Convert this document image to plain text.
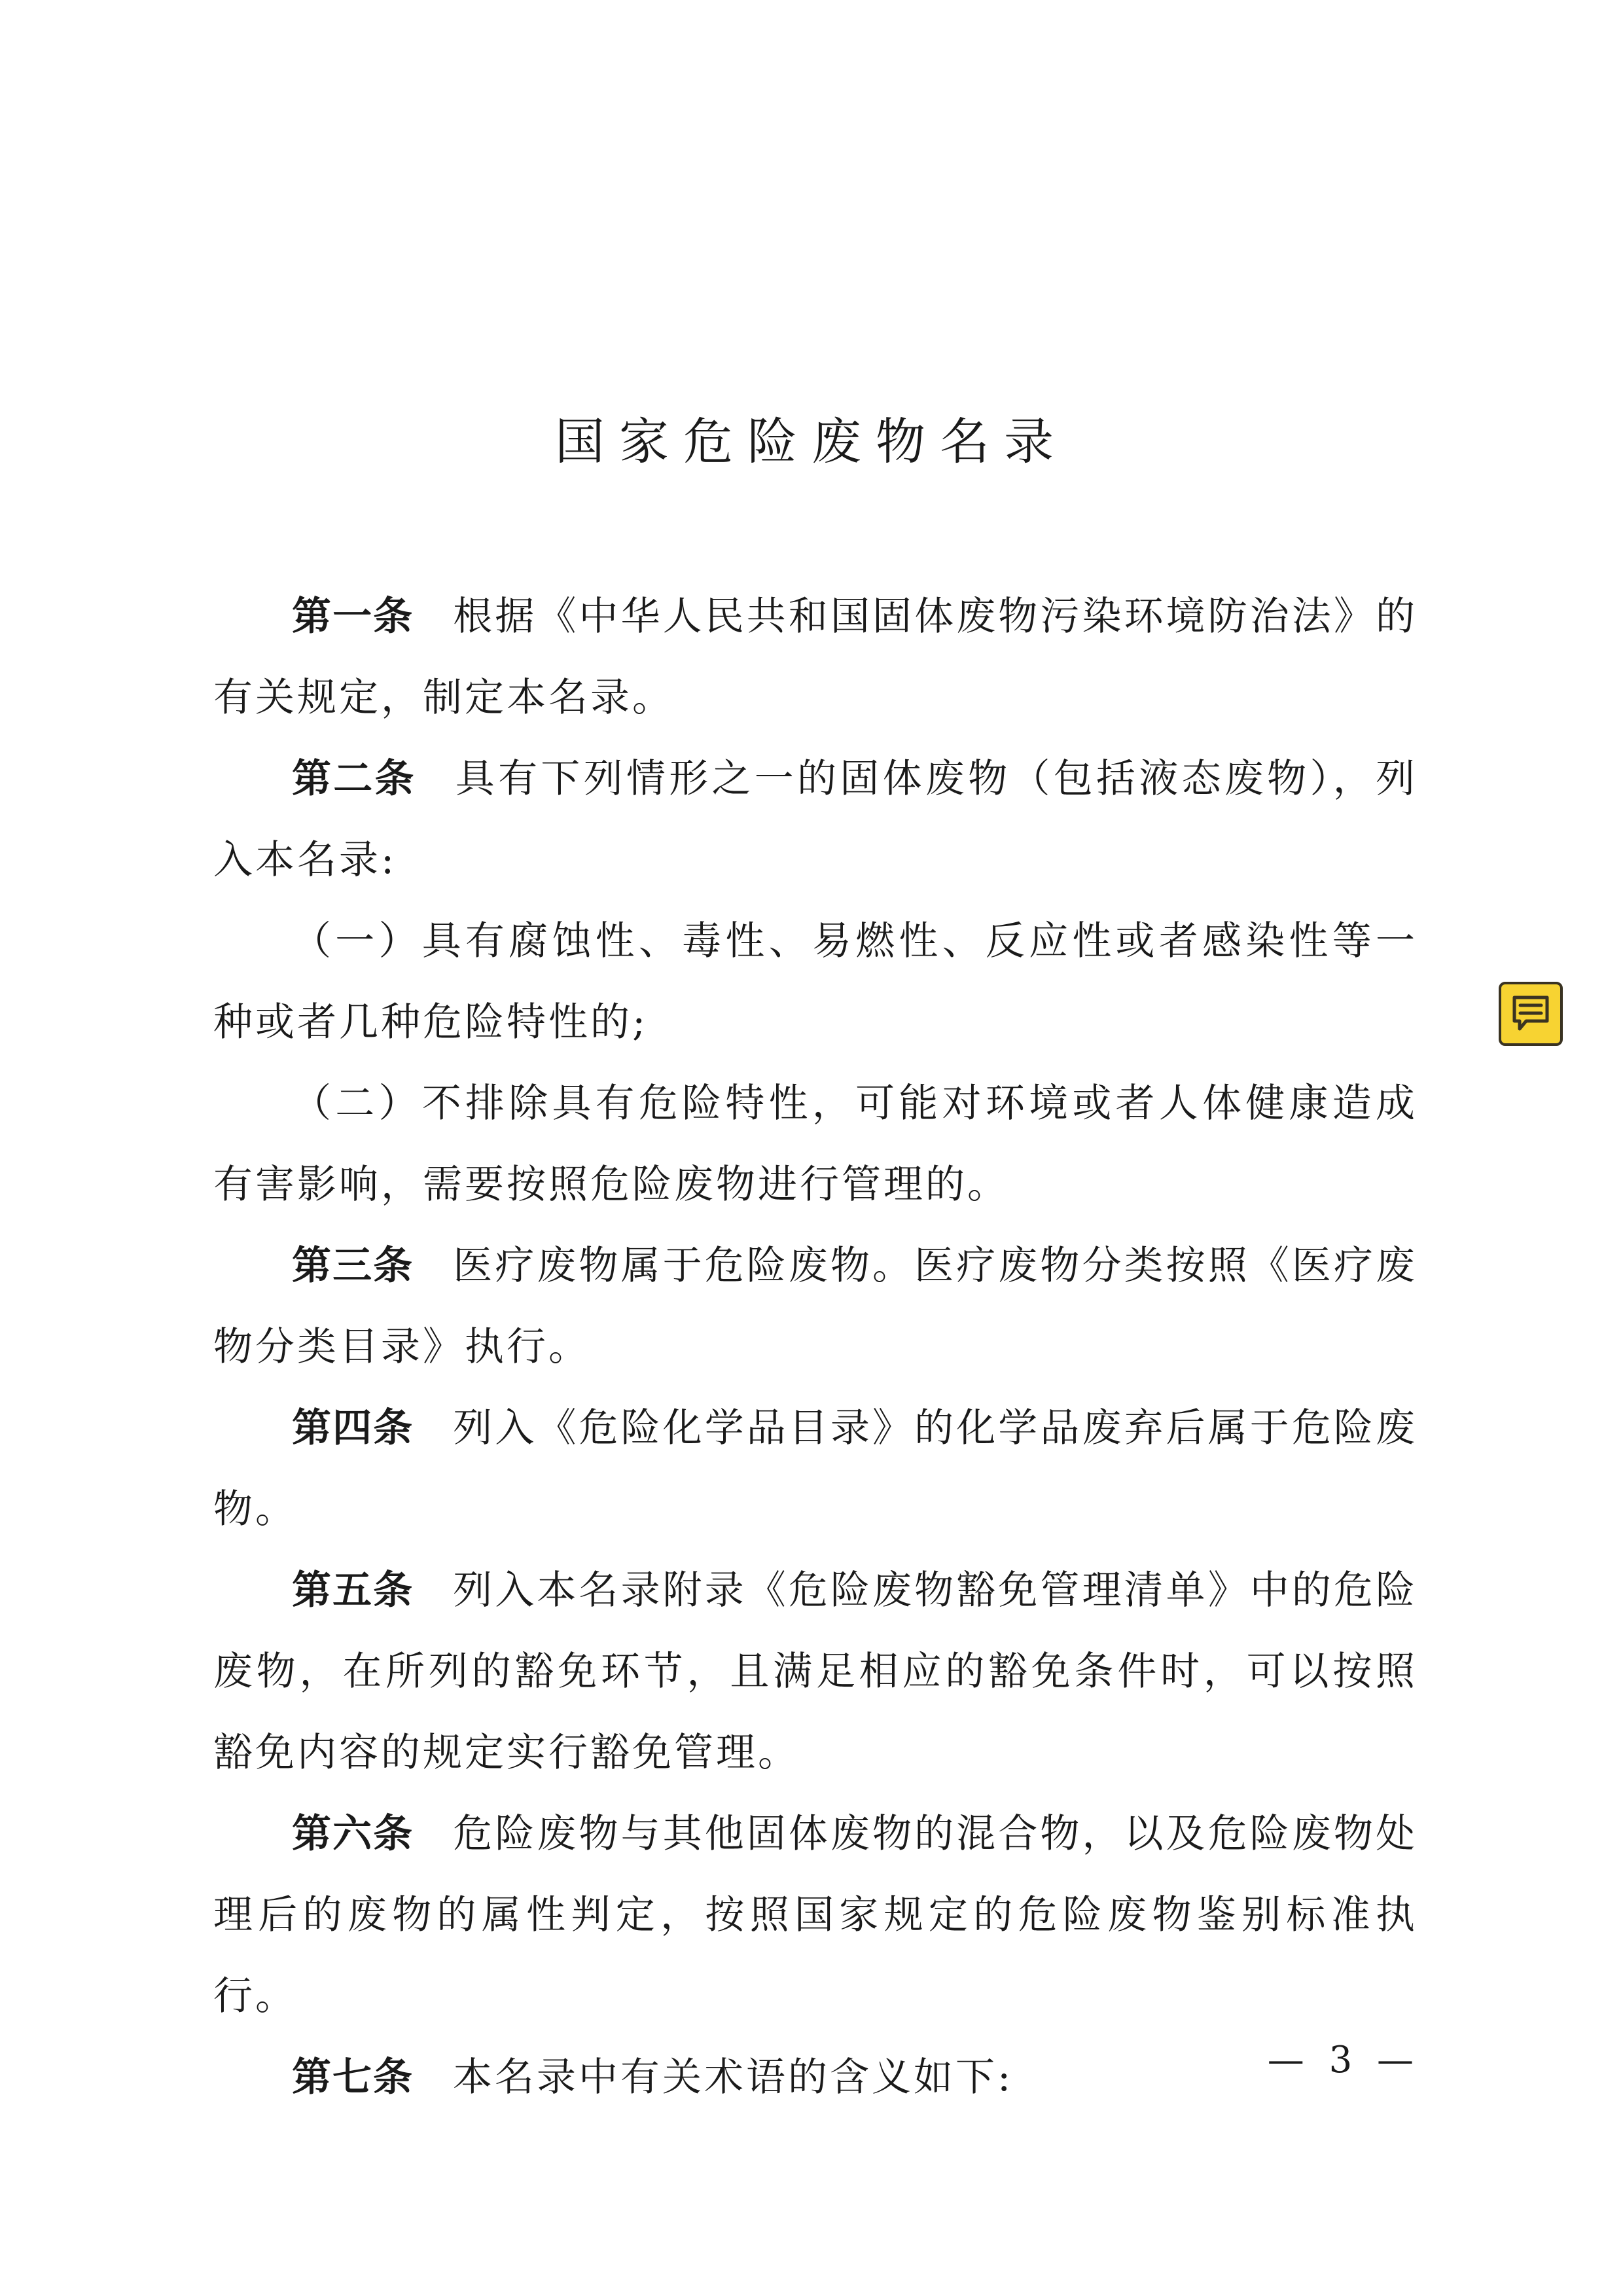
国家危险废物名录

第一条 根据《中华人民共和国固体废物污染环境防治法》的有关规定，制定本名录。

第二条 具有下列情形之一的固体废物（包括液态废物），列入本名录:

（一）具有腐蚀性、毒性、易燃性、反应性或者感染性等一种或者几种危险特性的;

（二）不排除具有危险特性，可能对环境或者人体健康造成有害影响，需要按照危险废物进行管理的。

第三条 医疗废物属于危险废物。医疗废物分类按照《医疗废物分类目录》执行。

第四条 列入《危险化学品目录》的化学品废弃后属于危险废物。

第五条 列入本名录附录《危险废物豁免管理清单》中的危险废物，在所列的豁免环节，且满足相应的豁免条件时，可以按照豁免内容的规定实行豁免管理。

第六条 危险废物与其他固体废物的混合物，以及危险废物处理后的废物的属性判定，按照国家规定的危险废物鉴别标准执行。

第七条 本名录中有关术语的含义如下:	— 3 —
